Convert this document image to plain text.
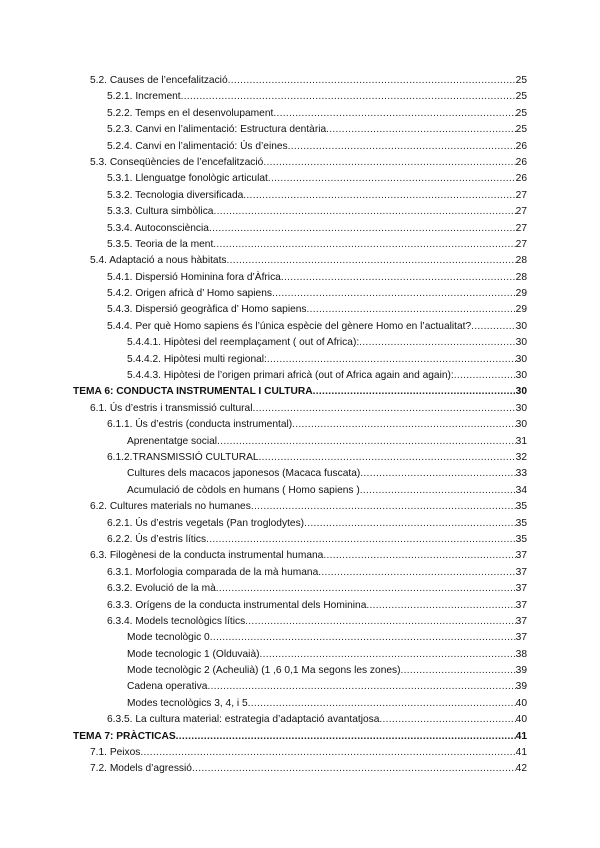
5.2. Causes de l’encefalització .....	25
5.2.1. Increment .....	25
5.2.2. Temps en el desenvolupament .....	25
5.2.3. Canvi en l’alimentació: Estructura dentària .....	25
5.2.4. Canvi en l’alimentació: Ús d’eines .....	26
5.3. Conseqüències de l’encefalització .....	26
5.3.1. Llenguatge fonològic articulat .....	26
5.3.2. Tecnologia diversificada .....	27
5.3.3. Cultura simbòlica .....	27
5.3.4. Autoconsciència .....	27
5.3.5. Teoria de la ment .....	27
5.4. Adaptació a nous hàbitats .....	28
5.4.1. Dispersió Hominina fora d’Àfrica .....	28
5.4.2. Origen africà d’ Homo sapiens .....	29
5.4.3. Dispersió geogràfica d’ Homo sapiens .....	29
5.4.4. Per què Homo sapiens és l’única espècie del gènere Homo en l’actualitat? .....	30
5.4.4.1. Hipòtesi del reemplaçament ( out of Africa): .....	30
5.4.4.2. Hipòtesi multi regional: .....	30
5.4.4.3. Hipòtesi de l’origen primari africà (out of Africa again and again): .....	30
TEMA 6: CONDUCTA INSTRUMENTAL I CULTURA .....	30
6.1. Ús d’estris i transmissió cultural .....	30
6.1.1. Ús d’estris (conducta instrumental) .....	30
Aprenentatge social .....	31
6.1.2.TRANSMISSIÓ CULTURAL .....	32
Cultures dels macacos japonesos (Macaca fuscata) .....	33
Acumulació de còdols en humans ( Homo sapiens ) .....	34
6.2. Cultures materials no humanes .....	35
6.2.1. Ús d’estris vegetals (Pan troglodytes) .....	35
6.2.2. Ús d’estris lítics .....	35
6.3. Filogènesi de la conducta instrumental humana .....	37
6.3.1. Morfologia comparada de la mà humana .....	37
6.3.2. Evolució de la mà .....	37
6.3.3. Orígens de la conducta instrumental dels Hominina .....	37
6.3.4. Models tecnològics lítics .....	37
Mode tecnològic 0 .....	37
Mode tecnologic 1 (Olduvaià) .....	38
Mode tecnològic 2 (Acheulià) (1 ,6 0,1 Ma segons les zones) .....	39
Cadena operativa .....	39
Modes tecnològics 3, 4, i 5 .....	40
6.3.5. La cultura material: estrategia d’adaptació avantatjosa .....	40
TEMA 7: PRÀCTICAS .....	41
7.1. Peixos .....	41
7.2. Models d’agressió .....	42
